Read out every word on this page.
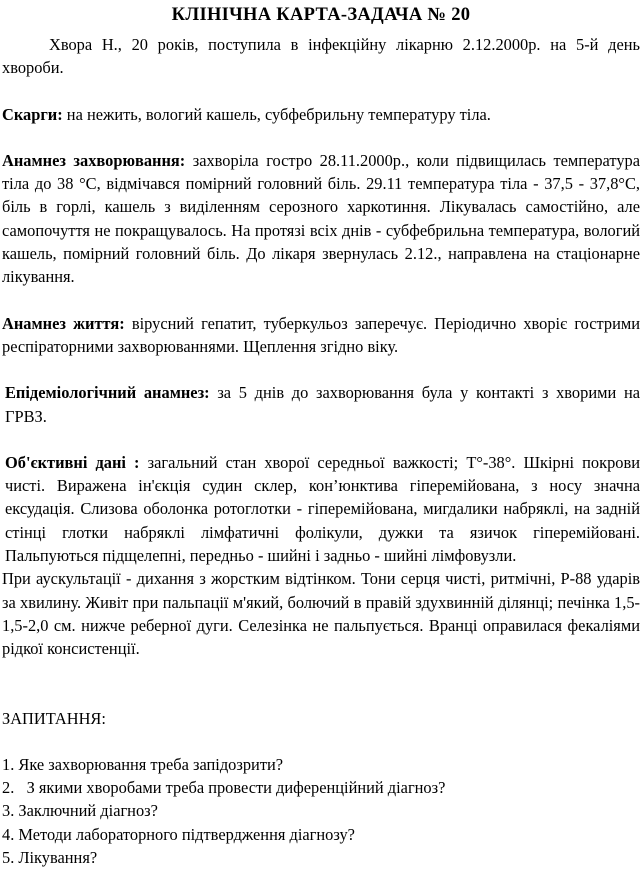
КЛІНІЧНА КАРТА-ЗАДАЧА № 20

Хвора Н., 20 років, поступила в інфекційну лікарню 2.12.2000р. на 5-й день хвороби.

Скарги: на нежить, вологий кашель, субфебрильну температуру тіла.

Анамнез захворювання: захворіла гостро 28.11.2000р., коли підвищилась температура тіла до 38 °С, відмічався помірний головний біль. 29.11 температура тіла - 37,5 - 37,8°С, біль в горлі, кашель з виділенням серозного харкотиння. Лікувалась самостійно, але самопочуття не покращувалось. На протязі всіх днів - субфебрильна температура, вологий кашель, помірний головний біль. До лікаря звернулась 2.12., направлена на стаціонарне лікування.

Анамнез життя: вірусний гепатит, туберкульоз заперечує. Періодично хворіє гострими респіраторними захворюваннями. Щеплення згідно віку.

Епідеміологічний анамнез: за 5 днів до захворювання була у контакті з хворими на ГРВЗ.

Об'єктивні дані : загальний стан хворої середньої важкості; Т°-38°. Шкірні покрови чисті. Виражена ін'єкція судин склер, кон’юнктива гіперемійована, з носу значна ексудація. Слизова оболонка ротоглотки - гіперемійована, мигдалики набряклі, на задній стінці глотки набряклі лімфатичні фолікули, дужки та язичок гіперемійовані. Пальпуються підщелепні, передньо - шийні і задньо - шийні лімфовузли.

При аускультації - дихання з жорстким відтінком. Тони серця чисті, ритмічні, Р-88 ударів за хвилину. Живіт при пальпації м'який, болючий в правій здухвинній ділянці; печінка 1,5-1,5-2,0 см. нижче реберної дуги. Селезінка не пальпується. Вранці оправилася фекаліями рідкої консистенції.

ЗАПИТАННЯ:

1. Яке захворювання треба запідозрити?
2.   З якими хворобами треба провести диференційний діагноз?
3. Заключний діагноз?
4. Методи лабораторного підтвердження діагнозу?
5. Лікування?
